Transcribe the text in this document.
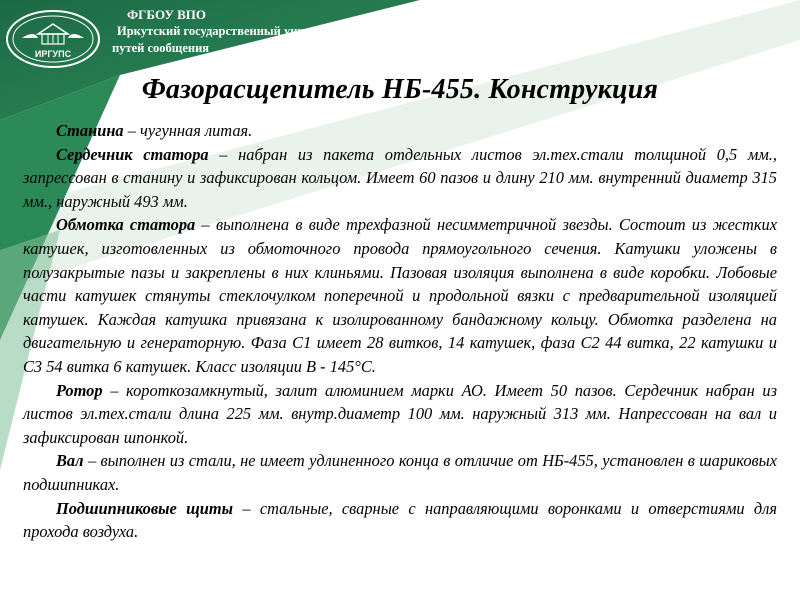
ИРГУПС
ФГБОУ ВПО
Иркутский государственный университет
путей сообщения
Фазорасщепитель НБ-455. Конструкция

Станина – чугунная литая.

Сердечник статора – набран из пакета отдельных листов эл.тех.стали толщиной 0,5 мм., запрессован в станину и зафиксирован кольцом. Имеет 60 пазов и длину 210 мм. внутренний диаметр 315 мм., наружный 493 мм.

Обмотка статора – выполнена в виде трехфазной несимметричной звезды. Состоит из жестких катушек, изготовленных из обмоточного провода прямоугольного сечения. Катушки уложены в полузакрытые пазы и закреплены в них клиньями. Пазовая изоляция выполнена в виде коробки. Лобовые части катушек стянуты стеклочулком поперечной и продольной вязки с предварительной изоляцией катушек. Каждая катушка привязана к изолированному бандажному кольцу. Обмотка разделена на двигательную и генераторную. Фаза С1 имеет 28 витков, 14 катушек, фаза С2 44 витка, 22 катушки и С3 54 витка 6 катушек. Класс изоляции В - 145°С.

Ротор – короткозамкнутый, залит алюминием марки АО. Имеет 50 пазов. Сердечник набран из листов эл.тех.стали длина 225 мм. внутр.диаметр 100 мм. наружный 313 мм. Напрессован на вал и зафиксирован шпонкой.

Вал – выполнен из стали, не имеет удлиненного конца в отличие от НБ-455, установлен в шариковых подшипниках.

Подшипниковые щиты – стальные, сварные с направляющими воронками и отверстиями для прохода воздуха.
